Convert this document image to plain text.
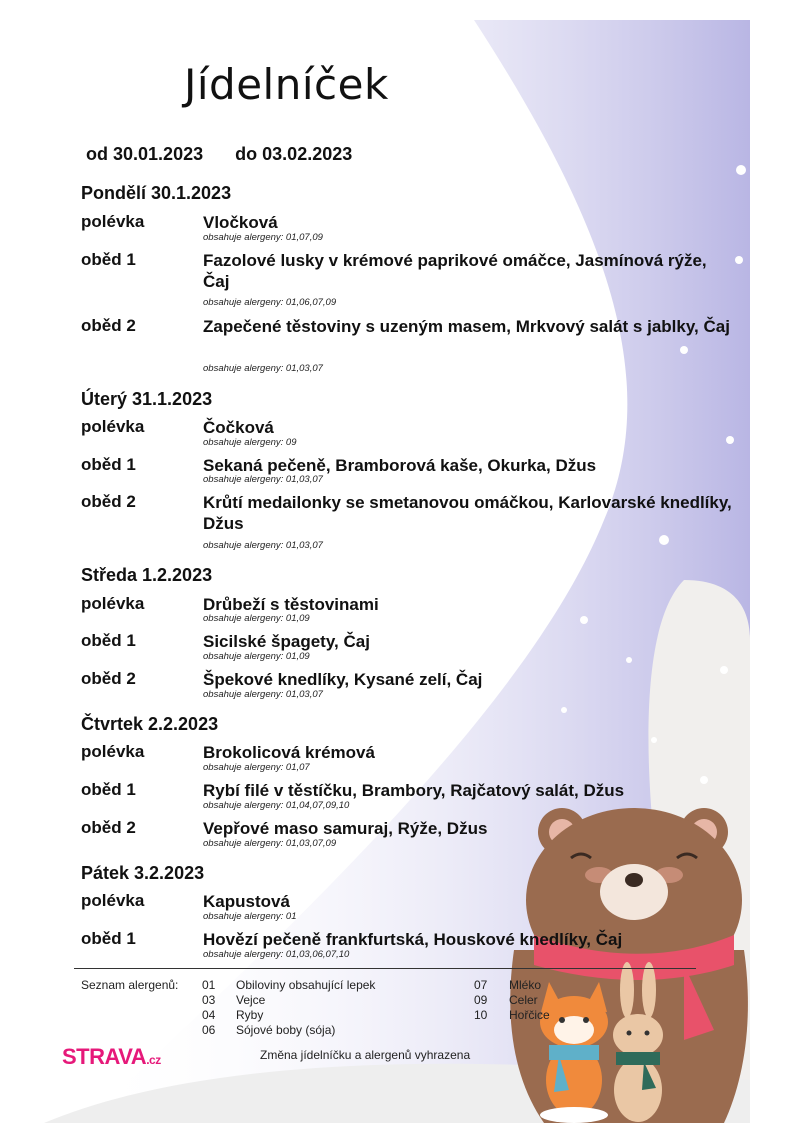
Jídelníček
od 30.01.2023 do 03.02.2023
Pondělí 30.1.2023
polévka	Vločková
obsahuje alergeny: 01,07,09
oběd 1	Fazolové lusky v krémové paprikové omáčce, Jasmínová rýže, Čaj
obsahuje alergeny: 01,06,07,09
oběd 2	Zapečené těstoviny s uzeným masem, Mrkvový salát s jablky, Čaj
obsahuje alergeny: 01,03,07
Úterý 31.1.2023
polévka	Čočková
obsahuje alergeny: 09
oběd 1	Sekaná pečeně, Bramborová kaše, Okurka, Džus
obsahuje alergeny: 01,03,07
oběd 2	Krůtí medailonky se smetanovou omáčkou, Karlovarské knedlíky, Džus
obsahuje alergeny: 01,03,07
Středa 1.2.2023
polévka	Drůbeží s těstovinami
obsahuje alergeny: 01,09
oběd 1	Sicilské špagety, Čaj
obsahuje alergeny: 01,09
oběd 2	Špekové knedlíky, Kysané zelí, Čaj
obsahuje alergeny: 01,03,07
Čtvrtek 2.2.2023
polévka	Brokolicová krémová
obsahuje alergeny: 01,07
oběd 1	Rybí filé v těstíčku, Brambory, Rajčatový salát, Džus
obsahuje alergeny: 01,04,07,09,10
oběd 2	Vepřové maso samuraj, Rýže, Džus
obsahuje alergeny: 01,03,07,09
Pátek 3.2.2023
polévka	Kapustová
obsahuje alergeny: 01
oběd 1	Hovězí pečeně frankfurtská, Houskové knedlíky, Čaj
obsahuje alergeny: 01,03,06,07,10
Seznam alergenů: 01 Obiloviny obsahující lepek
03 Vejce
04 Ryby
06 Sójové boby (sója)
07 Mléko
09 Celer
10 Hořčice
STRAVA.cz	Změna jídelníčku a alergenů vyhrazena
